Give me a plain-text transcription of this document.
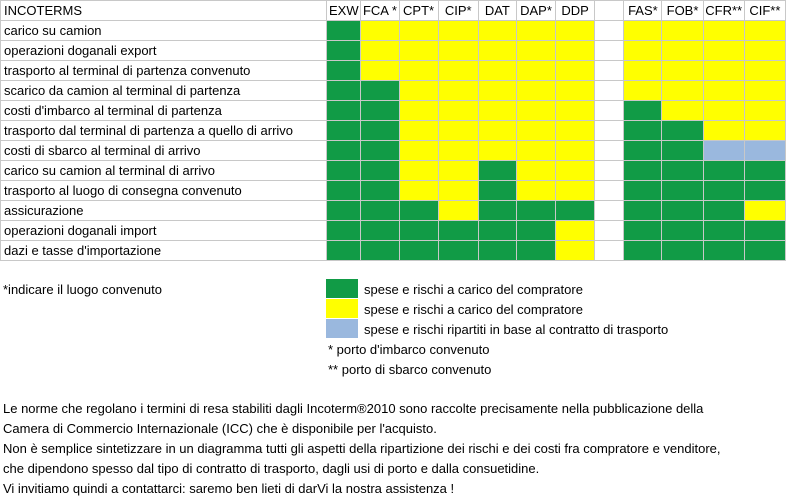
INCOTERMS	EXW	FCA *	CPT*	CIP*	DAT	DAP*	DDP		FAS*	FOB*	CFR**	CIF**
carico su camion												
operazioni doganali export												
trasporto al terminal di partenza convenuto												
scarico da camion al terminal di partenza												
costi d'imbarco al terminal di partenza												
trasporto dal terminal di partenza a quello di arrivo												
costi di sbarco al terminal di arrivo												
carico su camion al terminal di arrivo												
trasporto al luogo di consegna convenuto												
assicurazione												
operazioni doganali import												
dazi e tasse d'importazione												
*indicare il luogo convenuto	spese e rischi a carico del compratore
spese e rischi a carico del compratore
spese e rischi ripartiti in base al contratto di trasporto
* porto d'imbarco convenuto
** porto di sbarco convenuto
Le norme che regolano i termini di resa stabiliti dagli Incoterm®2010 sono raccolte precisamente nella pubblicazione della
Camera di Commercio Internazionale (ICC) che è disponibile per l'acquisto.
Non è semplice sintetizzare in un diagramma tutti gli aspetti della ripartizione dei rischi e dei costi fra compratore e venditore,
che dipendono spesso dal tipo di contratto di trasporto, dagli usi di porto e dalla consuetidine.
Vi invitiamo quindi a contattarci: saremo ben lieti di darVi la nostra assistenza !
